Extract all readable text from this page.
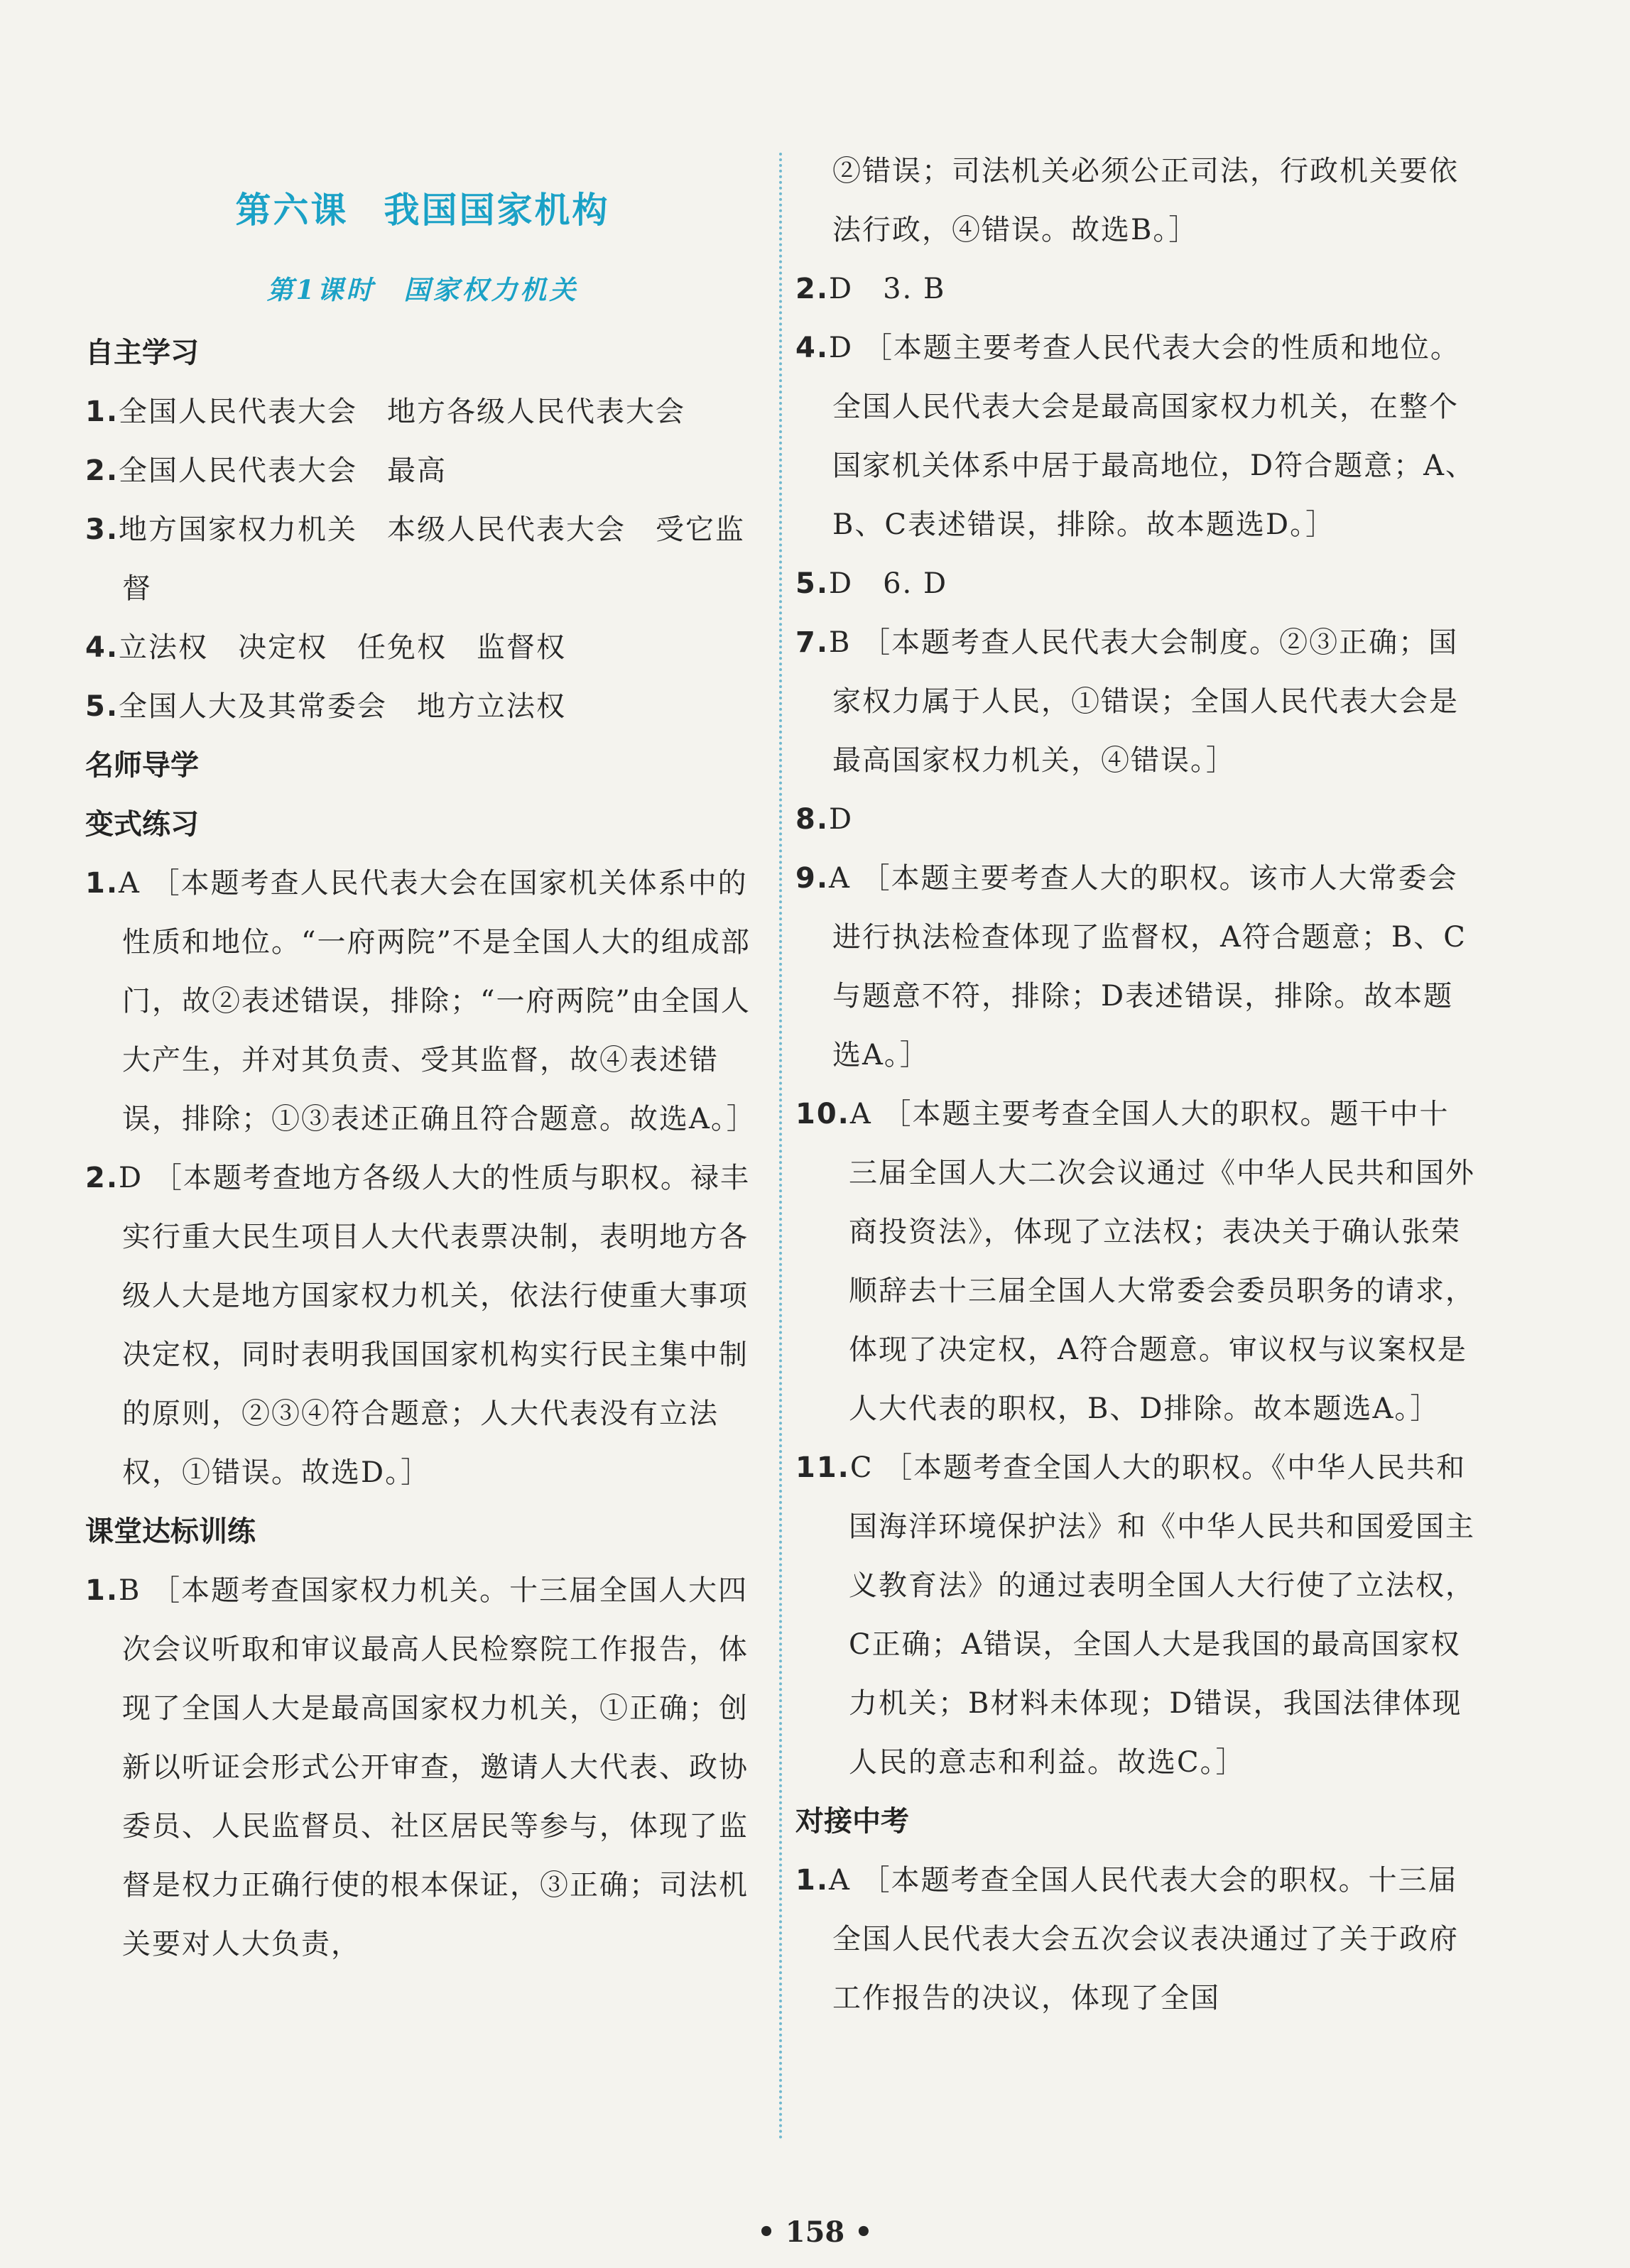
第六课 我国国家机构
第1课时 国家权力机关
自主学习
1.全国人民代表大会　地方各级人民代表大会
2.全国人民代表大会　最高
3.地方国家权力机关　本级人民代表大会　受它监督
4.立法权　决定权　任免权　监督权
5.全国人大及其常委会　地方立法权
名师导学
变式练习
1.A ［本题考查人民代表大会在国家机关体系中的性质和地位。“一府两院”不是全国人大的组成部门，故②表述错误，排除；“一府两院”由全国人大产生，并对其负责、受其监督，故④表述错误，排除；①③表述正确且符合题意。故选A。］
2.D ［本题考查地方各级人大的性质与职权。禄丰实行重大民生项目人大代表票决制，表明地方各级人大是地方国家权力机关，依法行使重大事项决定权，同时表明我国国家机构实行民主集中制的原则，②③④符合题意；人大代表没有立法权，①错误。故选D。］
课堂达标训练
1.B ［本题考查国家权力机关。十三届全国人大四次会议听取和审议最高人民检察院工作报告，体现了全国人大是最高国家权力机关，①正确；创新以听证会形式公开审查，邀请人大代表、政协委员、人民监督员、社区居民等参与，体现了监督是权力正确行使的根本保证，③正确；司法机关要对人大负责，
②错误；司法机关必须公正司法，行政机关要依法行政，④错误。故选B。］
2.D　3. B
4.D ［本题主要考查人民代表大会的性质和地位。全国人民代表大会是最高国家权力机关，在整个国家机关体系中居于最高地位，D符合题意；A、B、C表述错误，排除。故本题选D。］
5.D　6. D
7.B ［本题考查人民代表大会制度。②③正确；国家权力属于人民，①错误；全国人民代表大会是最高国家权力机关，④错误。］
8.D
9.A ［本题主要考查人大的职权。该市人大常委会进行执法检查体现了监督权，A符合题意；B、C与题意不符，排除；D表述错误，排除。故本题选A。］
10.A ［本题主要考查全国人大的职权。题干中十三届全国人大二次会议通过《中华人民共和国外商投资法》，体现了立法权；表决关于确认张荣顺辞去十三届全国人大常委会委员职务的请求，体现了决定权，A符合题意。审议权与议案权是人大代表的职权，B、D排除。故本题选A。］
11.C ［本题考查全国人大的职权。《中华人民共和国海洋环境保护法》和《中华人民共和国爱国主义教育法》的通过表明全国人大行使了立法权，C正确；A错误，全国人大是我国的最高国家权力机关；B材料未体现；D错误，我国法律体现人民的意志和利益。故选C。］
对接中考
1.A ［本题考查全国人民代表大会的职权。十三届全国人民代表大会五次会议表决通过了关于政府工作报告的决议，体现了全国
• 158 •
